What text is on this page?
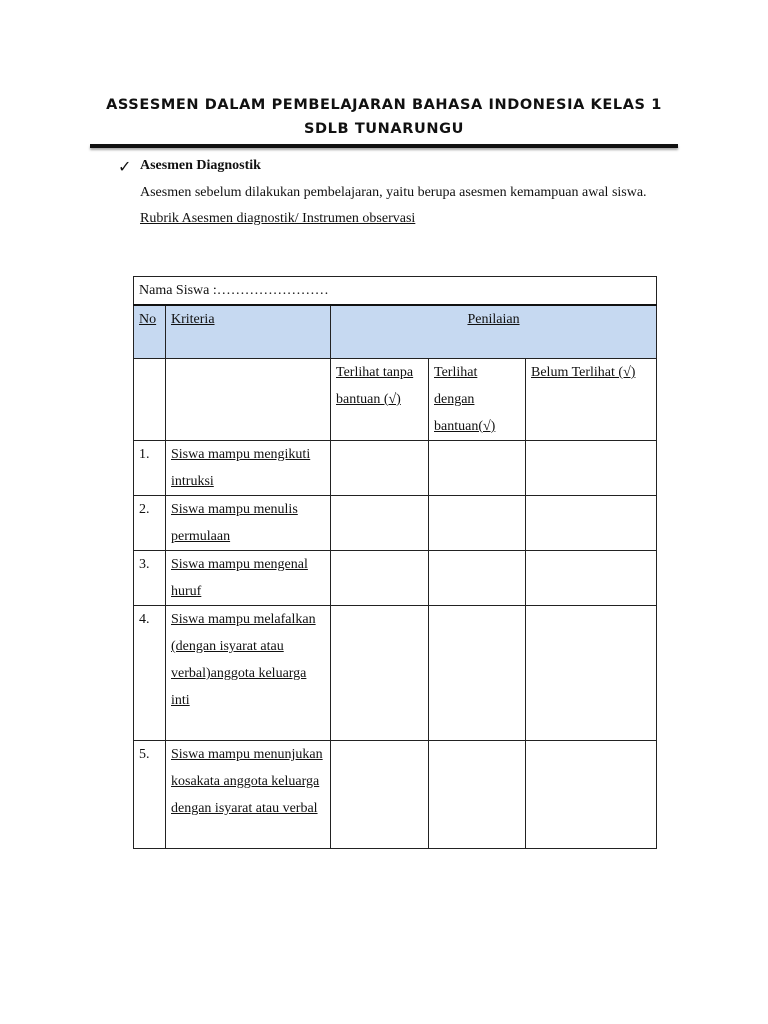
ASSESMEN DALAM PEMBELAJARAN BAHASA INDONESIA KELAS 1
SDLB TUNARUNGU
✓ Asesmen Diagnostik
Asesmen sebelum dilakukan pembelajaran, yaitu berupa asesmen kemampuan awal siswa.
Rubrik Asesmen diagnostik/ Instrumen observasi
Nama Siswa :……………………				
No	Kriteria	Penilaian		
		Terlihat tanpa bantuan (√)	Terlihat dengan bantuan(√)	Belum Terlihat (√)
1.	Siswa mampu mengikuti intruksi			
2.	Siswa mampu menulis permulaan			
3.	Siswa mampu mengenal huruf			
4.	Siswa mampu melafalkan (dengan isyarat atau verbal)anggota keluarga inti			
5.	Siswa mampu menunjukan kosakata anggota keluarga dengan isyarat atau verbal			
